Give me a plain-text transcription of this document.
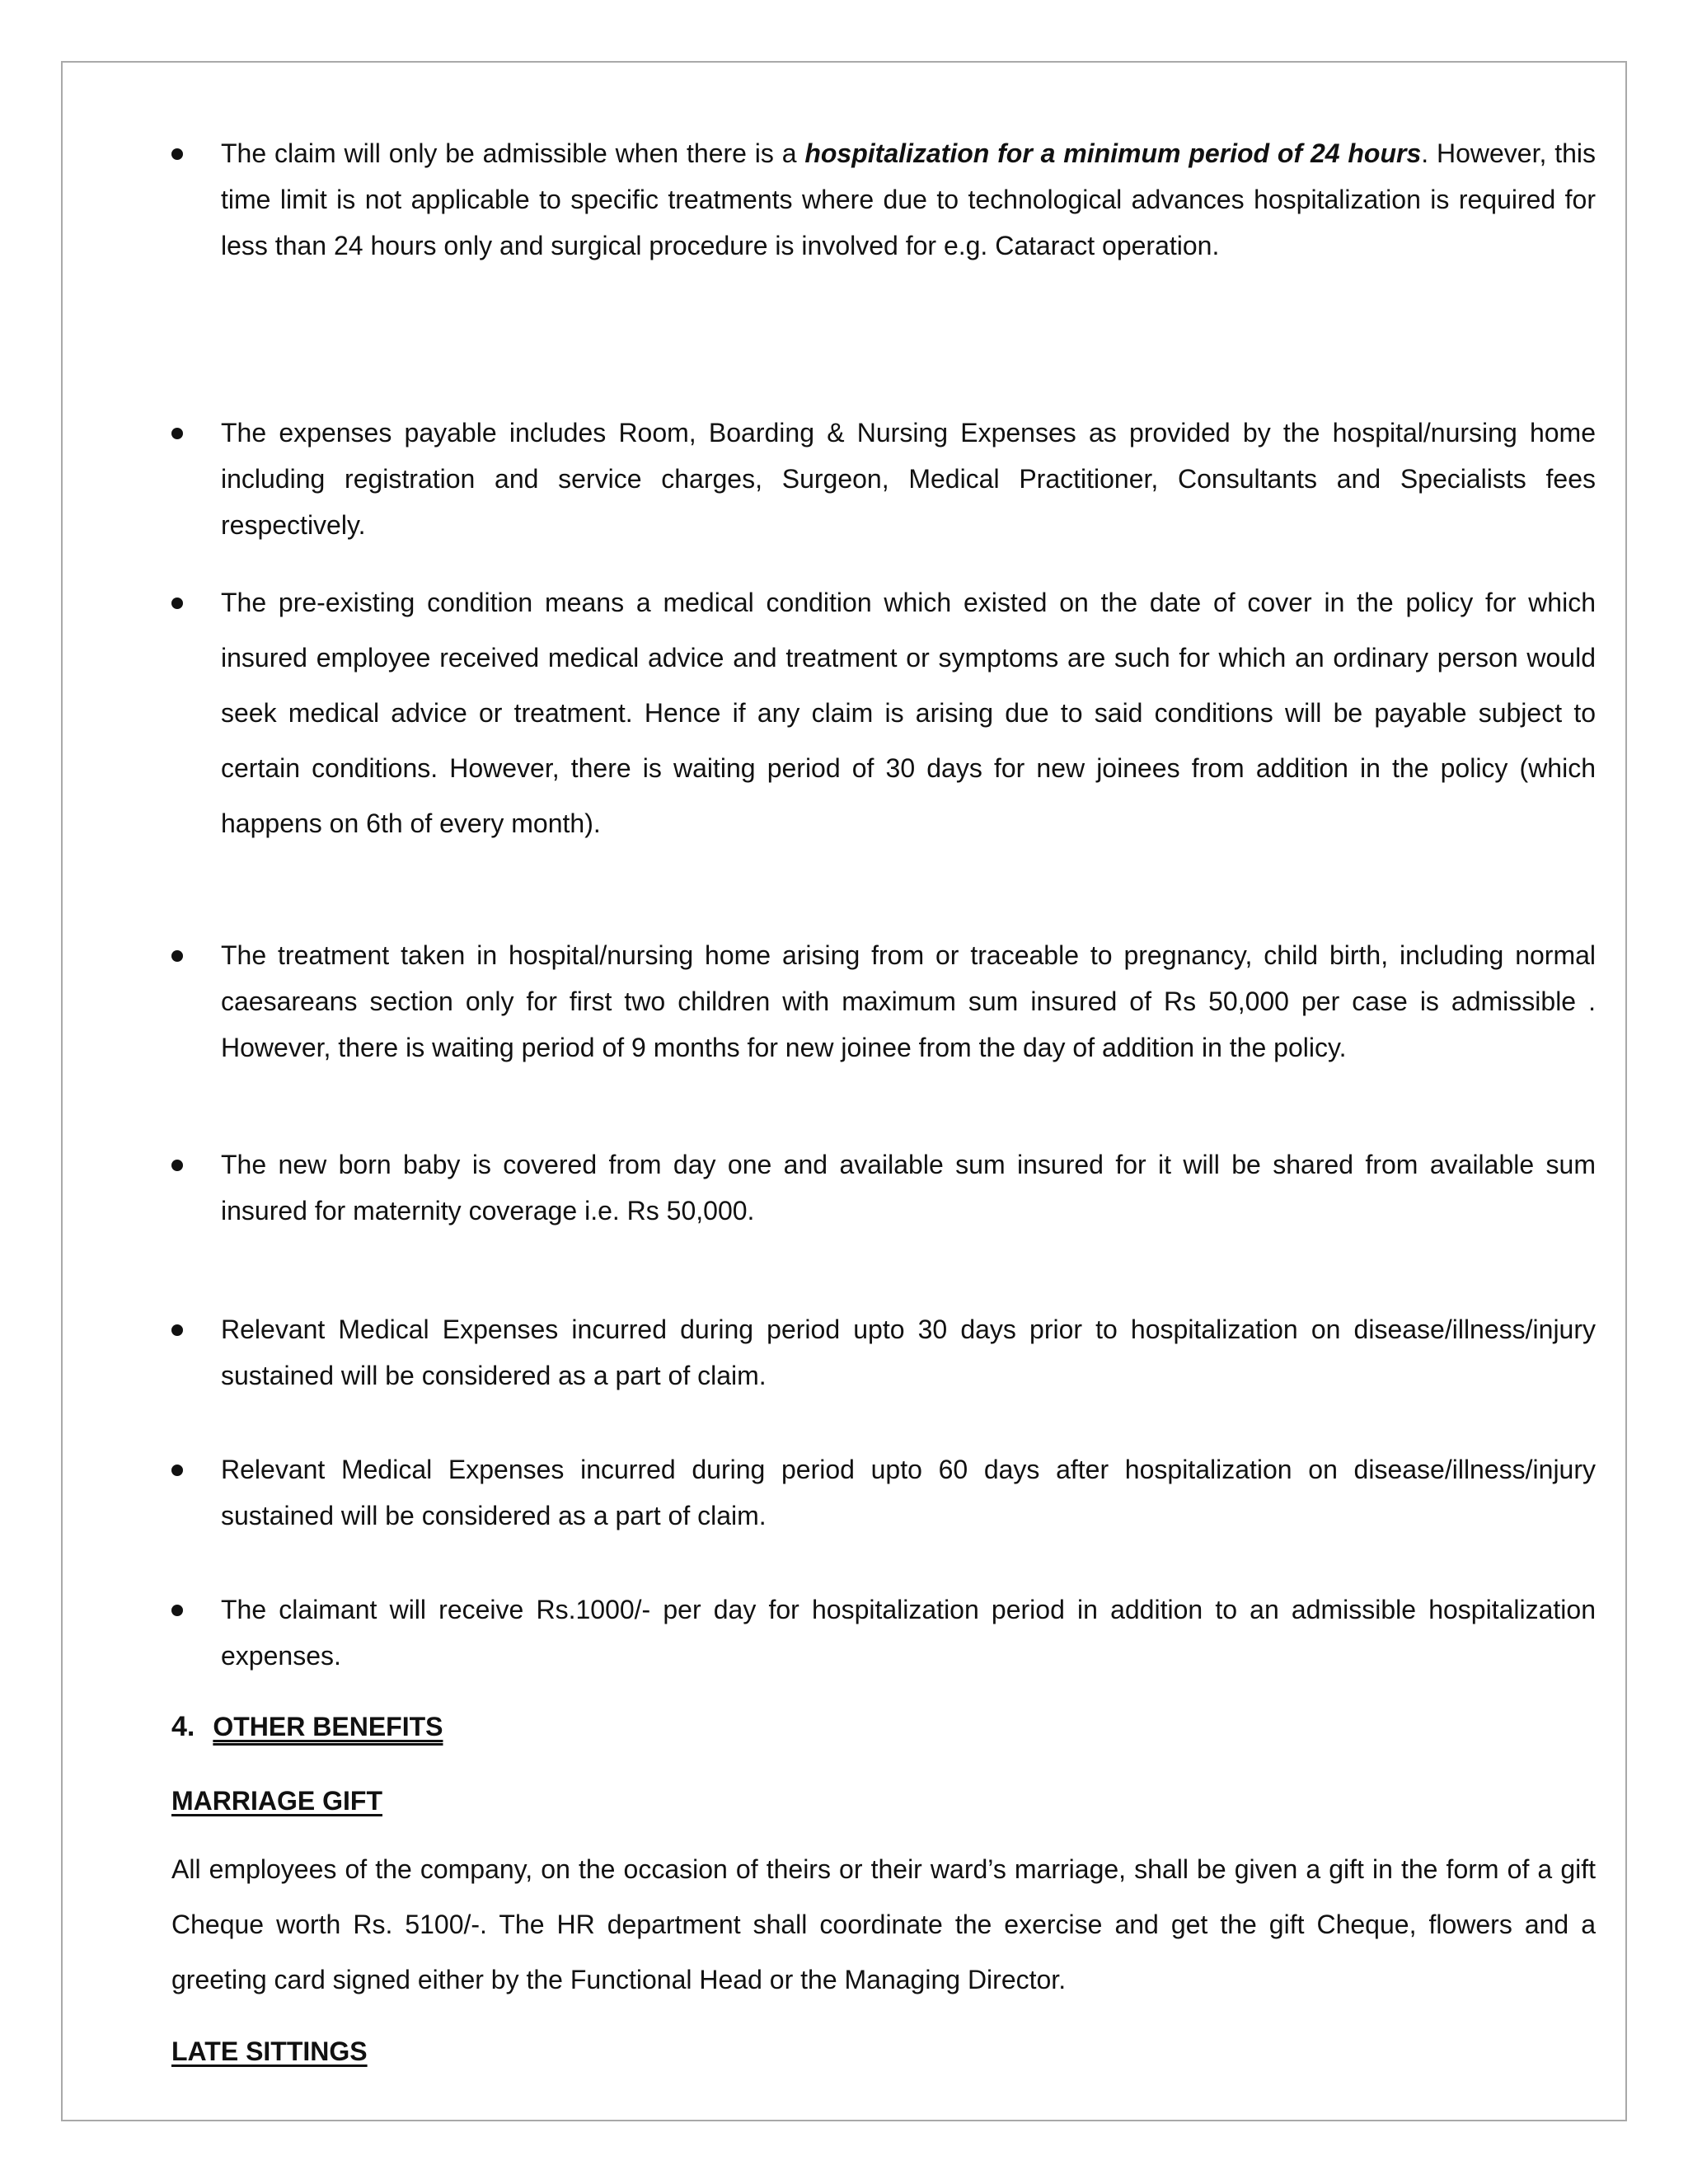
The claim will only be admissible when there is a hospitalization for a minimum period of 24 hours. However, this time limit is not applicable to specific treatments where due to technological advances hospitalization is required for less than 24 hours only and surgical procedure is involved for e.g. Cataract operation.

The expenses payable includes Room, Boarding & Nursing Expenses as provided by the hospital/nursing home including registration and service charges, Surgeon, Medical Practitioner, Consultants and Specialists fees respectively.

The pre-existing condition means a medical condition which existed on the date of cover in the policy for which insured employee received medical advice and treatment or symptoms are such for which an ordinary person would seek medical advice or treatment. Hence if any claim is arising due to said conditions will be payable subject to certain conditions. However, there is waiting period of 30 days for new joinees from addition in the policy (which happens on 6th of every month).

The treatment taken in hospital/nursing home arising from or traceable to pregnancy, child birth, including normal caesareans section only for first two children with maximum sum insured of Rs 50,000 per case is admissible . However, there is waiting period of 9 months for new joinee from the day of addition in the policy.

The new born baby is covered from day one and available sum insured for it will be shared from available sum insured for maternity coverage i.e. Rs 50,000.

Relevant Medical Expenses incurred during period upto 30 days prior to hospitalization on disease/illness/injury sustained will be considered as a part of claim.

Relevant Medical Expenses incurred during period upto 60 days after hospitalization on disease/illness/injury sustained will be considered as a part of claim.

The claimant will receive Rs.1000/- per day for hospitalization period in addition to an admissible hospitalization expenses.

4. OTHER BENEFITS
MARRIAGE GIFT

All employees of the company, on the occasion of theirs or their ward’s marriage, shall be given a gift in the form of a gift Cheque worth Rs. 5100/-. The HR department shall coordinate the exercise and get the gift Cheque, flowers and a greeting card signed either by the Functional Head or the Managing Director.

LATE SITTINGS
